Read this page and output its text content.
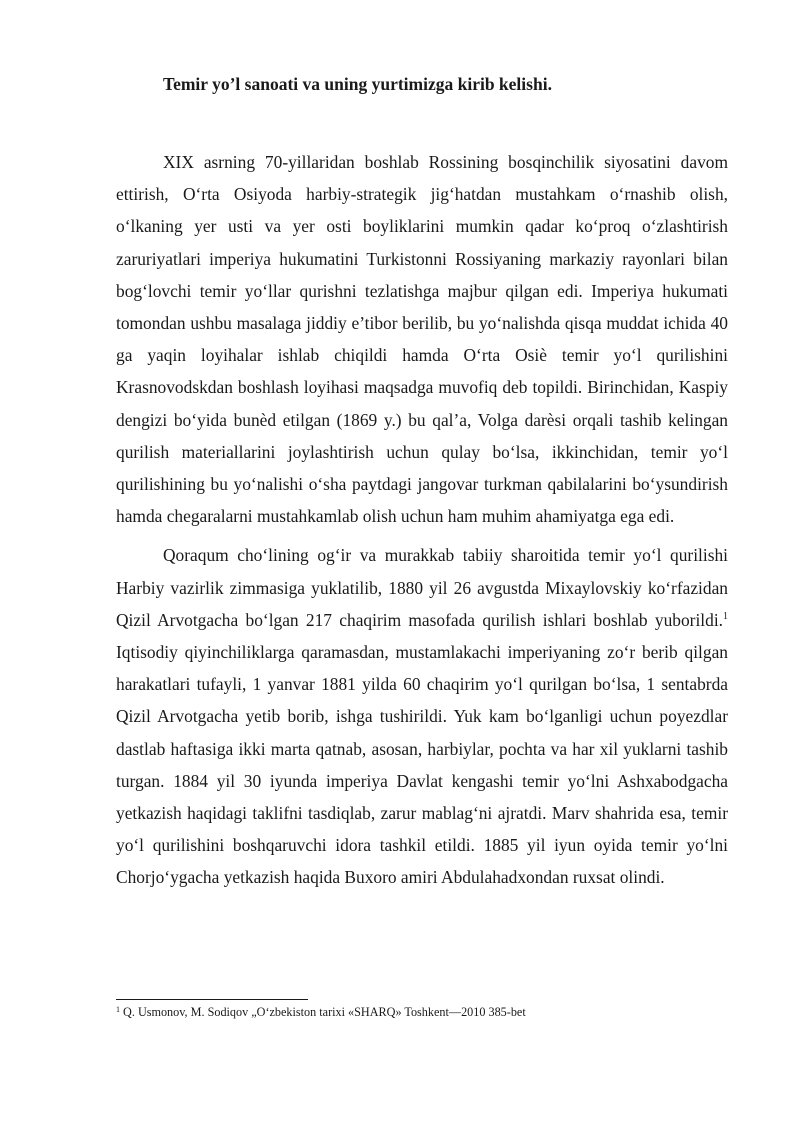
Temir yo’l sanoati va uning yurtimizga kirib kelishi.

XIX asrning 70-yillaridan boshlab Rossining bosqinchilik siyosatini davom ettirish, O‘rta Osiyoda harbiy-strategik jig‘hatdan mustahkam o‘rnashib olish, o‘lkaning yer usti va yer osti boyliklarini mumkin qadar ko‘proq o‘zlashtirish zaruriyatlari imperiya hukumatini Turkistonni Rossiyaning markaziy rayonlari bilan bog‘lovchi temir yo‘llar qurishni tezlatishga majbur qilgan edi. Imperiya hukumati tomondan ushbu masalaga jiddiy e’tibor berilib, bu yo‘nalishda qisqa muddat ichida 40 ga yaqin loyihalar ishlab chiqildi hamda O‘rta Osiè temir yo‘l qurilishini Krasnovodskdan boshlash loyihasi maqsadga muvofiq deb topildi. Birinchidan, Kaspiy dengizi bo‘yida bunèd etilgan (1869 y.) bu qal’a, Volga darèsi orqali tashib kelingan qurilish materiallarini joylashtirish uchun qulay bo‘lsa, ikkinchidan, temir yo‘l qurilishining bu yo‘nalishi o‘sha paytdagi jangovar turkman qabilalarini bo‘ysundirish hamda chegaralarni mustahkamlab olish uchun ham muhim ahamiyatga ega edi.

Qoraqum cho‘lining og‘ir va murakkab tabiiy sharoitida temir yo‘l qurilishi Harbiy vazirlik zimmasiga yuklatilib, 1880 yil 26 avgustda Mixaylovskiy ko‘rfazidan Qizil Arvotgacha bo‘lgan 217 chaqirim masofada qurilish ishlari boshlab yuborildi.$^1$ Iqtisodiy qiyinchiliklarga qaramasdan, mustamlakachi imperiyaning zo‘r berib qilgan harakatlari tufayli, 1 yanvar 1881 yilda 60 chaqirim yo‘l qurilgan bo‘lsa, 1 sentabrda Qizil Arvotgacha yetib borib, ishga tushirildi. Yuk kam bo‘lganligi uchun poyezdlar dastlab haftasiga ikki marta qatnab, asosan, harbiylar, pochta va har xil yuklarni tashib turgan. 1884 yil 30 iyunda imperiya Davlat kengashi temir yo‘lni Ashxabodgacha yetkazish haqidagi taklifni tasdiqlab, zarur mablag‘ni ajratdi. Marv shahrida esa, temir yo‘l qurilishini boshqaruvchi idora tashkil etildi. 1885 yil iyun oyida temir yo‘lni Chorjo‘ygacha yetkazish haqida Buxoro amiri Abdulahadxondan ruxsat olindi.

$^1$ Q. Usmonov, M. Sodiqov „O‘zbekiston tarixi «SHARQ» Toshkent—2010 385-bet
